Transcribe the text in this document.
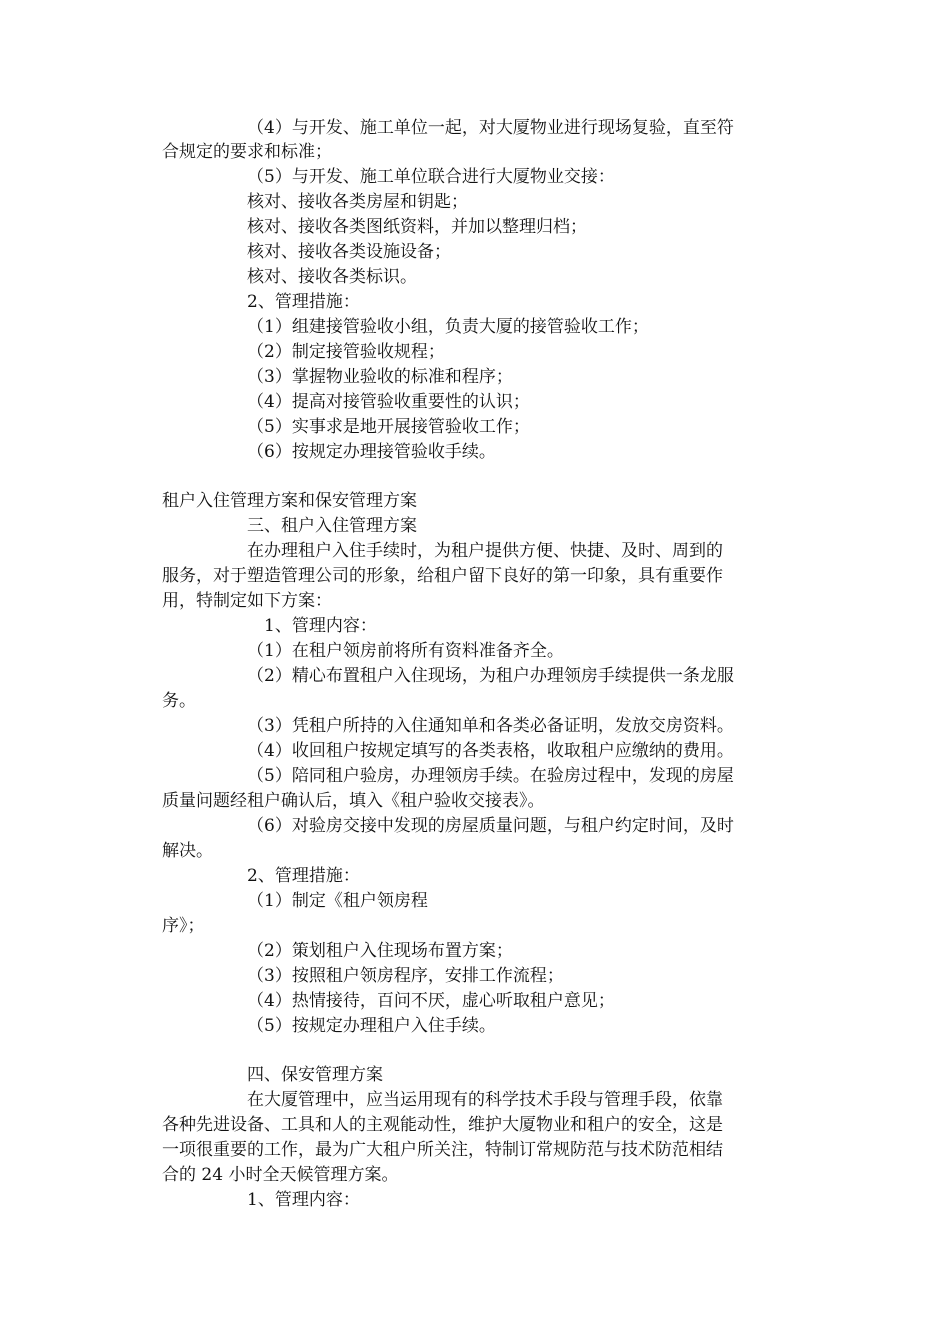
（4）与开发、施工单位一起，对大厦物业进行现场复验，直至符
合规定的要求和标准；
（5）与开发、施工单位联合进行大厦物业交接：
核对、接收各类房屋和钥匙；
核对、接收各类图纸资料，并加以整理归档；
核对、接收各类设施设备；
核对、接收各类标识。
2、管理措施：
（1）组建接管验收小组，负责大厦的接管验收工作；
（2）制定接管验收规程；
（3）掌握物业验收的标准和程序；
（4）提高对接管验收重要性的认识；
（5）实事求是地开展接管验收工作；
（6）按规定办理接管验收手续。
租户入住管理方案和保安管理方案
三、租户入住管理方案
在办理租户入住手续时，为租户提供方便、快捷、及时、周到的
服务，对于塑造管理公司的形象，给租户留下良好的第一印象，具有重要作
用，特制定如下方案：
1、管理内容：
（1）在租户领房前将所有资料准备齐全。
（2）精心布置租户入住现场，为租户办理领房手续提供一条龙服
务。
（3）凭租户所持的入住通知单和各类必备证明，发放交房资料。
（4）收回租户按规定填写的各类表格，收取租户应缴纳的费用。
（5）陪同租户验房，办理领房手续。在验房过程中，发现的房屋
质量问题经租户确认后，填入《租户验收交接表》。
（6）对验房交接中发现的房屋质量问题，与租户约定时间，及时
解决。
2、管理措施：
（1）制定《租户领房程
序》；
（2）策划租户入住现场布置方案；
（3）按照租户领房程序，安排工作流程；
（4）热情接待，百问不厌，虚心听取租户意见；
（5）按规定办理租户入住手续。
四、保安管理方案
在大厦管理中，应当运用现有的科学技术手段与管理手段，依靠
各种先进设备、工具和人的主观能动性，维护大厦物业和租户的安全，这是
一项很重要的工作，最为广大租户所关注，特制订常规防范与技术防范相结
合的 24 小时全天候管理方案。
1、管理内容：
